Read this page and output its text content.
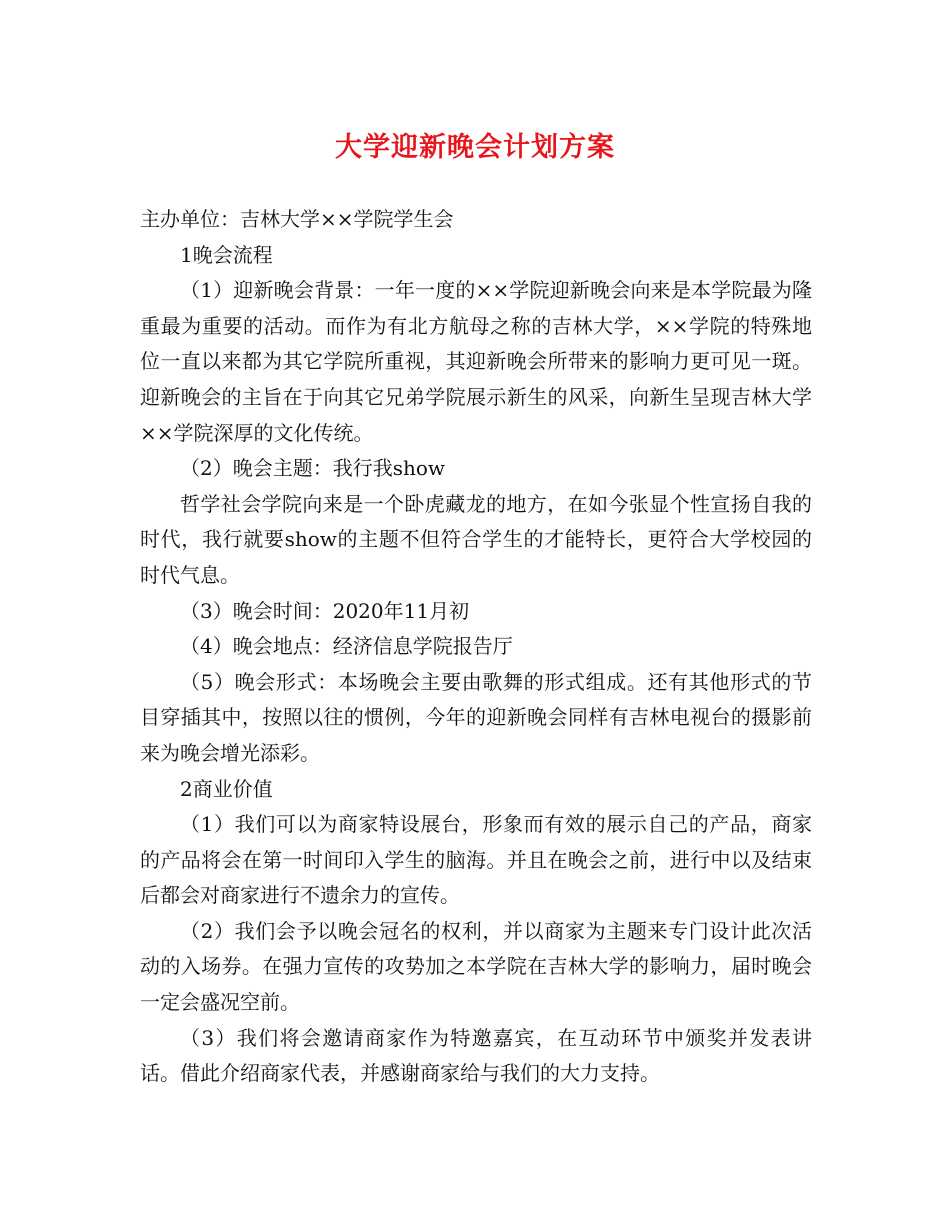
大学迎新晚会计划方案

主办单位：吉林大学××学院学生会

1晚会流程

（1）迎新晚会背景：一年一度的××学院迎新晚会向来是本学院最为隆重最为重要的活动。而作为有北方航母之称的吉林大学，××学院的特殊地位一直以来都为其它学院所重视，其迎新晚会所带来的影响力更可见一斑。迎新晚会的主旨在于向其它兄弟学院展示新生的风采，向新生呈现吉林大学××学院深厚的文化传统。

（2）晚会主题：我行我show

哲学社会学院向来是一个卧虎藏龙的地方，在如今张显个性宣扬自我的时代，我行就要show的主题不但符合学生的才能特长，更符合大学校园的时代气息。

（3）晚会时间：2020年11月初

（4）晚会地点：经济信息学院报告厅

（5）晚会形式：本场晚会主要由歌舞的形式组成。还有其他形式的节目穿插其中，按照以往的惯例，今年的迎新晚会同样有吉林电视台的摄影前来为晚会增光添彩。

2商业价值

（1）我们可以为商家特设展台，形象而有效的展示自己的产品，商家的产品将会在第一时间印入学生的脑海。并且在晚会之前，进行中以及结束后都会对商家进行不遗余力的宣传。

（2）我们会予以晚会冠名的权利，并以商家为主题来专门设计此次活动的入场券。在强力宣传的攻势加之本学院在吉林大学的影响力，届时晚会一定会盛况空前。

（3）我们将会邀请商家作为特邀嘉宾，在互动环节中颁奖并发表讲话。借此介绍商家代表，并感谢商家给与我们的大力支持。
